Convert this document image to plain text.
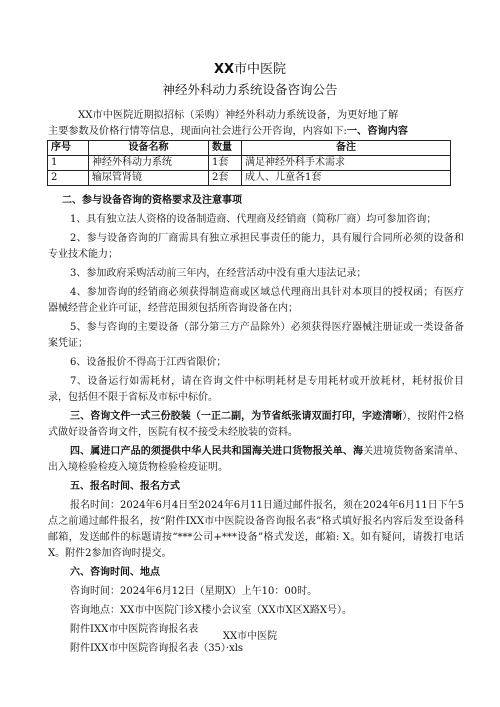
XX市中医院
神经外科动力系统设备咨询公告
XX市中医院近期拟招标（采购）神经外科动力系统设备，为更好地了解
主要参数及价格行情等信息，现面向社会进行公开咨询，内容如下:一、咨询内容
序号	设备名称	数量	备注
1	神经外科动力系统	1套	满足神经外科手术需求
2	输尿管肾镜	2套	成人、儿童各1套

二、参与设备咨询的资格要求及注意事项

1、具有独立法人资格的设备制造商、代理商及经销商（简称厂商）均可参加咨询；

2、参与设备咨询的厂商需具有独立承担民事责任的能力，具有履行合同所必须的设备和专业技术能力；

3、参加政府采购活动前三年内，在经营活动中没有重大违法记录；

4、参加咨询的经销商必须获得制造商或区域总代理商出具针对本项目的授权函；有医疗器械经营企业许可证，经营范围须包括所咨询设备在内；

5、参与咨询的主要设备（部分第三方产品除外）必须获得医疗器械注册证或一类设备备案凭证；

6、设备报价不得高于江西省限价；

7、设备运行如需耗材，请在咨询文件中标明耗材是专用耗材或开放耗材，耗材报价目录，包括但不限于省标及市标中标价。

三、咨询文件一式三份胶装（一正二副，为节省纸张请双面打印，字迹清晰），按附件2格式做好设备咨询文件，医院有权不接受未经胶装的资料。

四、属进口产品的须提供中华人民共和国海关进口货物报关单、海关进境货物备案清单、出入境检验检疫入境货物检验检疫证明。

五、报名时间、报名方式

报名时间：2024年6月4日至2024年6月11日通过邮件报名，须在2024年6月11日下午5点之前通过邮件报名，按“附件IXX市中医院设备咨询报名表”格式填好报名内容后发至设备科邮箱，发送邮件的标题请按“***公司+***设备”格式发送，邮箱: X。如有疑问，请拨打电话X。附件2参加咨询时提交。

六、咨询时间、地点

咨询时间：2024年6月12日（星期X）上午10：00时。

咨询地点：XX市中医院门诊X楼小会议室（XX市X区X路X号）。

附件IXX市中医院咨询报名表

附件IXX市中医院咨询报名表（35）·xls

XX市中医院
